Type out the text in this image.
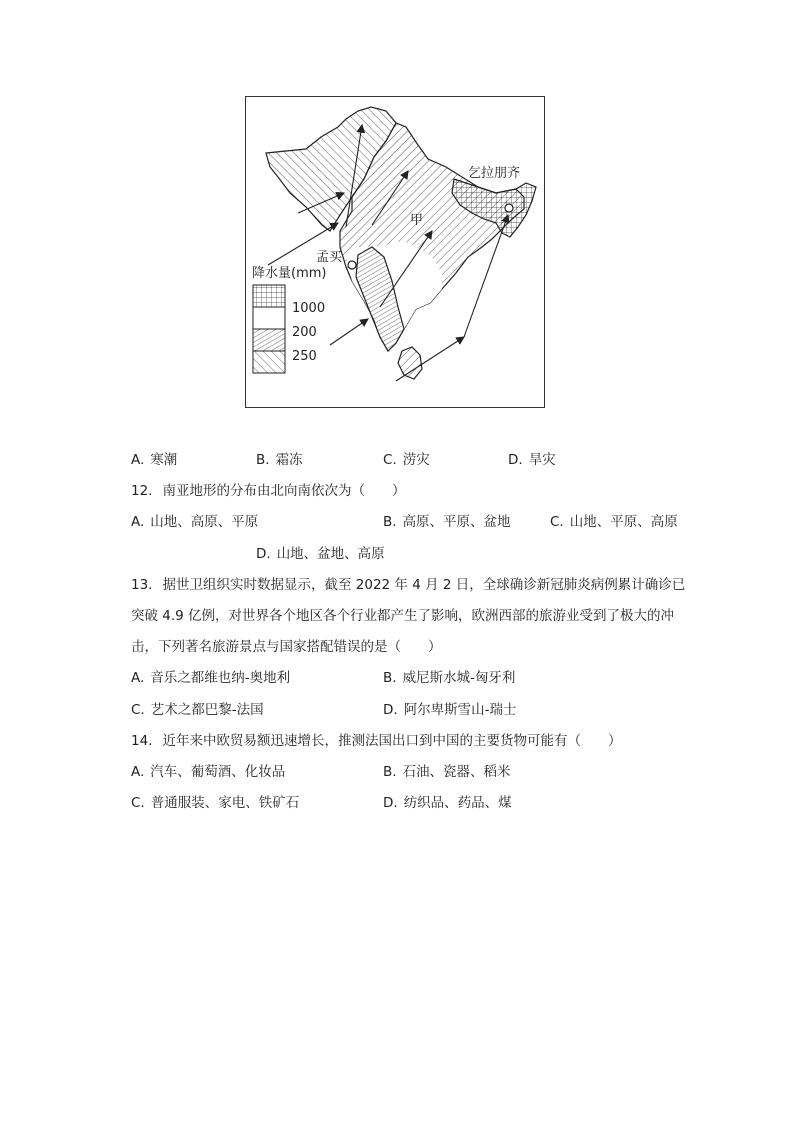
乞拉朋齐
孟买
甲
降水量(mm)
1000
200
250
A. 寒潮	B. 霜冻	C. 涝灾	D. 旱灾
12. 南亚地形的分布由北向南依次为（　　）
A. 山地、高原、平原	B. 高原、平原、盆地	C. 山地、平原、高原
D. 山地、盆地、高原
13. 据世卫组织实时数据显示，截至 2022 年 4 月 2 日，全球确诊新冠肺炎病例累计确诊已
突破 4.9 亿例，对世界各个地区各个行业都产生了影响，欧洲西部的旅游业受到了极大的冲
击，下列著名旅游景点与国家搭配错误的是（　　）
A. 音乐之都维也纳-奥地利	B. 威尼斯水城-匈牙利
C. 艺术之都巴黎-法国	D. 阿尔卑斯雪山-瑞士
14. 近年来中欧贸易额迅速增长，推测法国出口到中国的主要货物可能有（　　）
A. 汽车、葡萄酒、化妆品	B. 石油、瓷器、稻米
C. 普通服装、家电、铁矿石	D. 纺织品、药品、煤
